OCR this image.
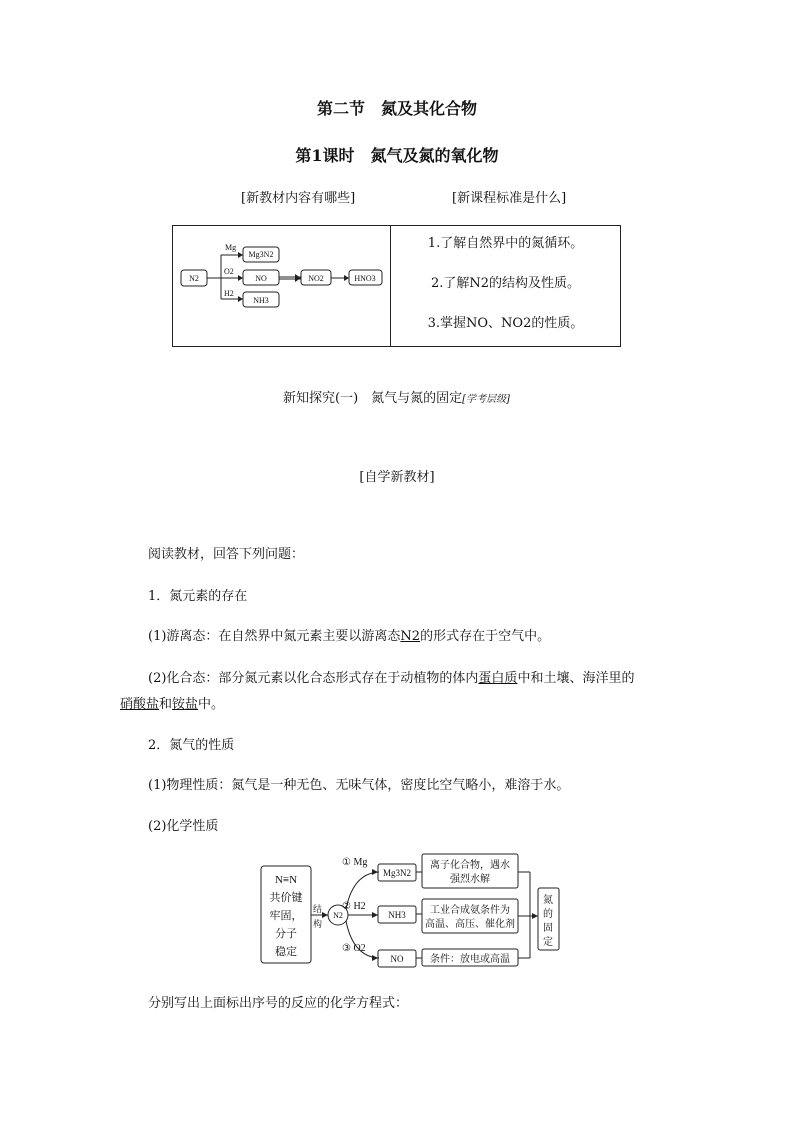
第二节　氮及其化合物
第1课时　氮气及氮的氧化物
[新教材内容有哪些]	[新课程标准是什么]
N2
Mg
Mg3N2
O2
NO	NO2	HNO3
H2
NH3
1.了解自然界中的氮循环。
2.了解N2的结构及性质。
3.掌握NO、NO2的性质。
新知探究(一)　氮气与氮的固定[学考层级]
[自学新教材]
阅读教材，回答下列问题：
1．氮元素的存在
(1)游离态：在自然界中氮元素主要以游离态N2的形式存在于空气中。
(2)化合态：部分氮元素以化合态形式存在于动植物的体内蛋白质中和土壤、海洋里的
硝酸盐和铵盐中。
2．氮气的性质
(1)物理性质：氮气是一种无色、无味气体，密度比空气略小，难溶于水。
(2)化学性质
N≡N
共价键
牢固，
分子
稳定
结
构
N2
① Mg
② H2
③ O2
Mg3N2
NH3
NO
离子化合物，遇水
强烈水解
工业合成氨条件为
高温、高压、催化剂
条件：放电或高温
氮
的
固
定
分别写出上面标出序号的反应的化学方程式：
